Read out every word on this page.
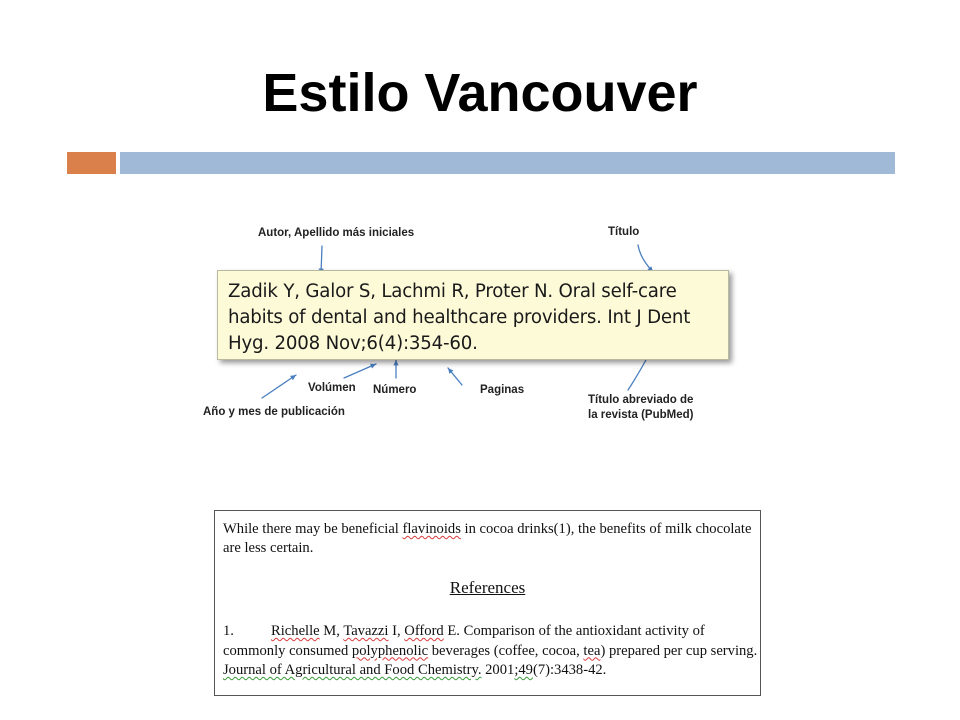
Estilo Vancouver
Zadik Y, Galor S, Lachmi R, Proter N. Oral self-care habits of dental and healthcare providers. Int J Dent Hyg. 2008 Nov;6(4):354-60.
Autor, Apellido más iniciales	Título
Volúmen Número	Paginas
Año y mes de publicación
Título abreviado de
la revista (PubMed)
While there may be beneficial flavinoids in cocoa drinks(1), the benefits of milk chocolate are less certain.
References
1.	Richelle M, Tavazzi I, Offord E. Comparison of the antioxidant activity of commonly consumed polyphenolic beverages (coffee, cocoa, tea) prepared per cup serving. Journal of Agricultural and Food Chemistry. 2001;49(7):3438-42.
